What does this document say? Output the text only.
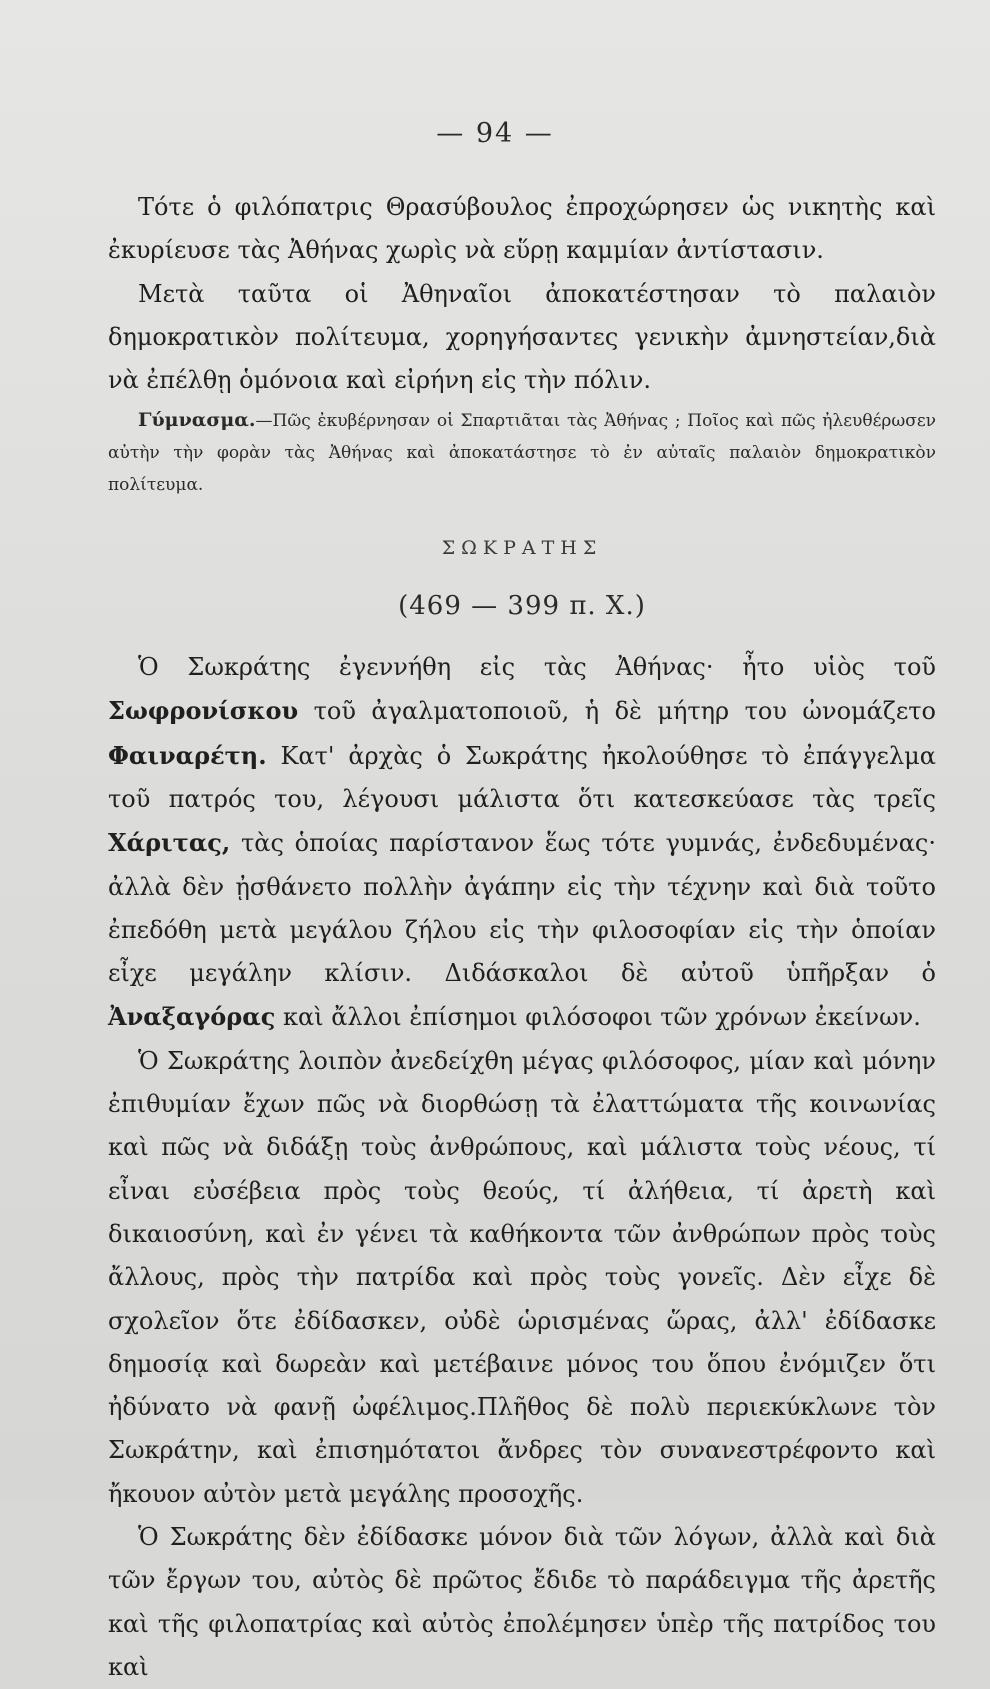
— 94 —

Τότε ὁ φιλόπατρις Θρασύβουλος ἐπροχώρησεν ὡς νικητὴς καὶ ἐκυρίευσε τὰς Ἀθήνας χωρὶς νὰ εὕρῃ καμμίαν ἀντίστασιν.

Μετὰ ταῦτα οἱ Ἀθηναῖοι ἀποκατέστησαν τὸ παλαιὸν δημοκρατικὸν πολίτευμα, χορηγήσαντες γενικὴν ἀμνηστείαν,διὰ νὰ ἐπέλθῃ ὁμόνοια καὶ εἰρήνη εἰς τὴν πόλιν.

Γύμνασμα.—Πῶς ἐκυβέρνησαν οἱ Σπαρτιᾶται τὰς Ἀθήνας ; Ποῖος καὶ πῶς ἠλευθέρωσεν αὐτὴν τὴν φορὰν τὰς Ἀθήνας καὶ ἀποκατάστησε τὸ ἐν αὐταῖς παλαιὸν δημοκρατικὸν πολίτευμα.

ΣΩΚΡΑΤΗΣ

(469 — 399 π. Χ.)

Ὁ Σωκράτης ἐγεννήθη εἰς τὰς Ἀθήνας· ἦτο υἱὸς τοῦ Σωφρονίσκου τοῦ ἀγαλματοποιοῦ, ἡ δὲ μήτηρ του ὠνομάζετο Φαιναρέτη. Κατ' ἀρχὰς ὁ Σωκράτης ἠκολούθησε τὸ ἐπάγγελμα τοῦ πατρός του, λέγουσι μάλιστα ὅτι κατεσκεύασε τὰς τρεῖς Χάριτας, τὰς ὁποίας παρίστανον ἕως τότε γυμνάς, ἐνδεδυμένας· ἀλλὰ δὲν ᾐσθάνετο πολλὴν ἀγάπην εἰς τὴν τέχνην καὶ διὰ τοῦτο ἐπεδόθη μετὰ μεγάλου ζήλου εἰς τὴν φιλοσοφίαν εἰς τὴν ὁποίαν εἶχε μεγάλην κλίσιν. Διδάσκαλοι δὲ αὐτοῦ ὑπῆρξαν ὁ Ἀναξαγόρας καὶ ἄλλοι ἐπίσημοι φιλόσοφοι τῶν χρόνων ἐκείνων.

Ὁ Σωκράτης λοιπὸν ἀνεδείχθη μέγας φιλόσοφος, μίαν καὶ μόνην ἐπιθυμίαν ἔχων πῶς νὰ διορθώσῃ τὰ ἐλαττώματα τῆς κοινωνίας καὶ πῶς νὰ διδάξῃ τοὺς ἀνθρώπους, καὶ μάλιστα τοὺς νέους, τί εἶναι εὐσέβεια πρὸς τοὺς θεούς, τί ἀλήθεια, τί ἀρετὴ καὶ δικαιοσύνη, καὶ ἐν γένει τὰ καθήκοντα τῶν ἀνθρώπων πρὸς τοὺς ἄλλους, πρὸς τὴν πατρίδα καὶ πρὸς τοὺς γονεῖς. Δὲν εἶχε δὲ σχολεῖον ὅτε ἐδίδασκεν, οὐδὲ ὡρισμένας ὥρας, ἀλλ' ἐδίδασκε δημοσίᾳ καὶ δωρεὰν καὶ μετέβαινε μόνος του ὅπου ἐνόμιζεν ὅτι ἠδύνατο νὰ φανῇ ὠφέλιμος.Πλῆθος δὲ πολὺ περιεκύκλωνε τὸν Σωκράτην, καὶ ἐπισημότατοι ἄνδρες τὸν συνανεστρέφοντο καὶ ἤκουον αὐτὸν μετὰ μεγάλης προσοχῆς.

Ὁ Σωκράτης δὲν ἐδίδασκε μόνον διὰ τῶν λόγων, ἀλλὰ καὶ διὰ τῶν ἔργων του, αὐτὸς δὲ πρῶτος ἔδιδε τὸ παράδειγμα τῆς ἀρετῆς καὶ τῆς φιλοπατρίας καὶ αὐτὸς ἐπολέμησεν ὑπὲρ τῆς πατρίδος του καὶ
